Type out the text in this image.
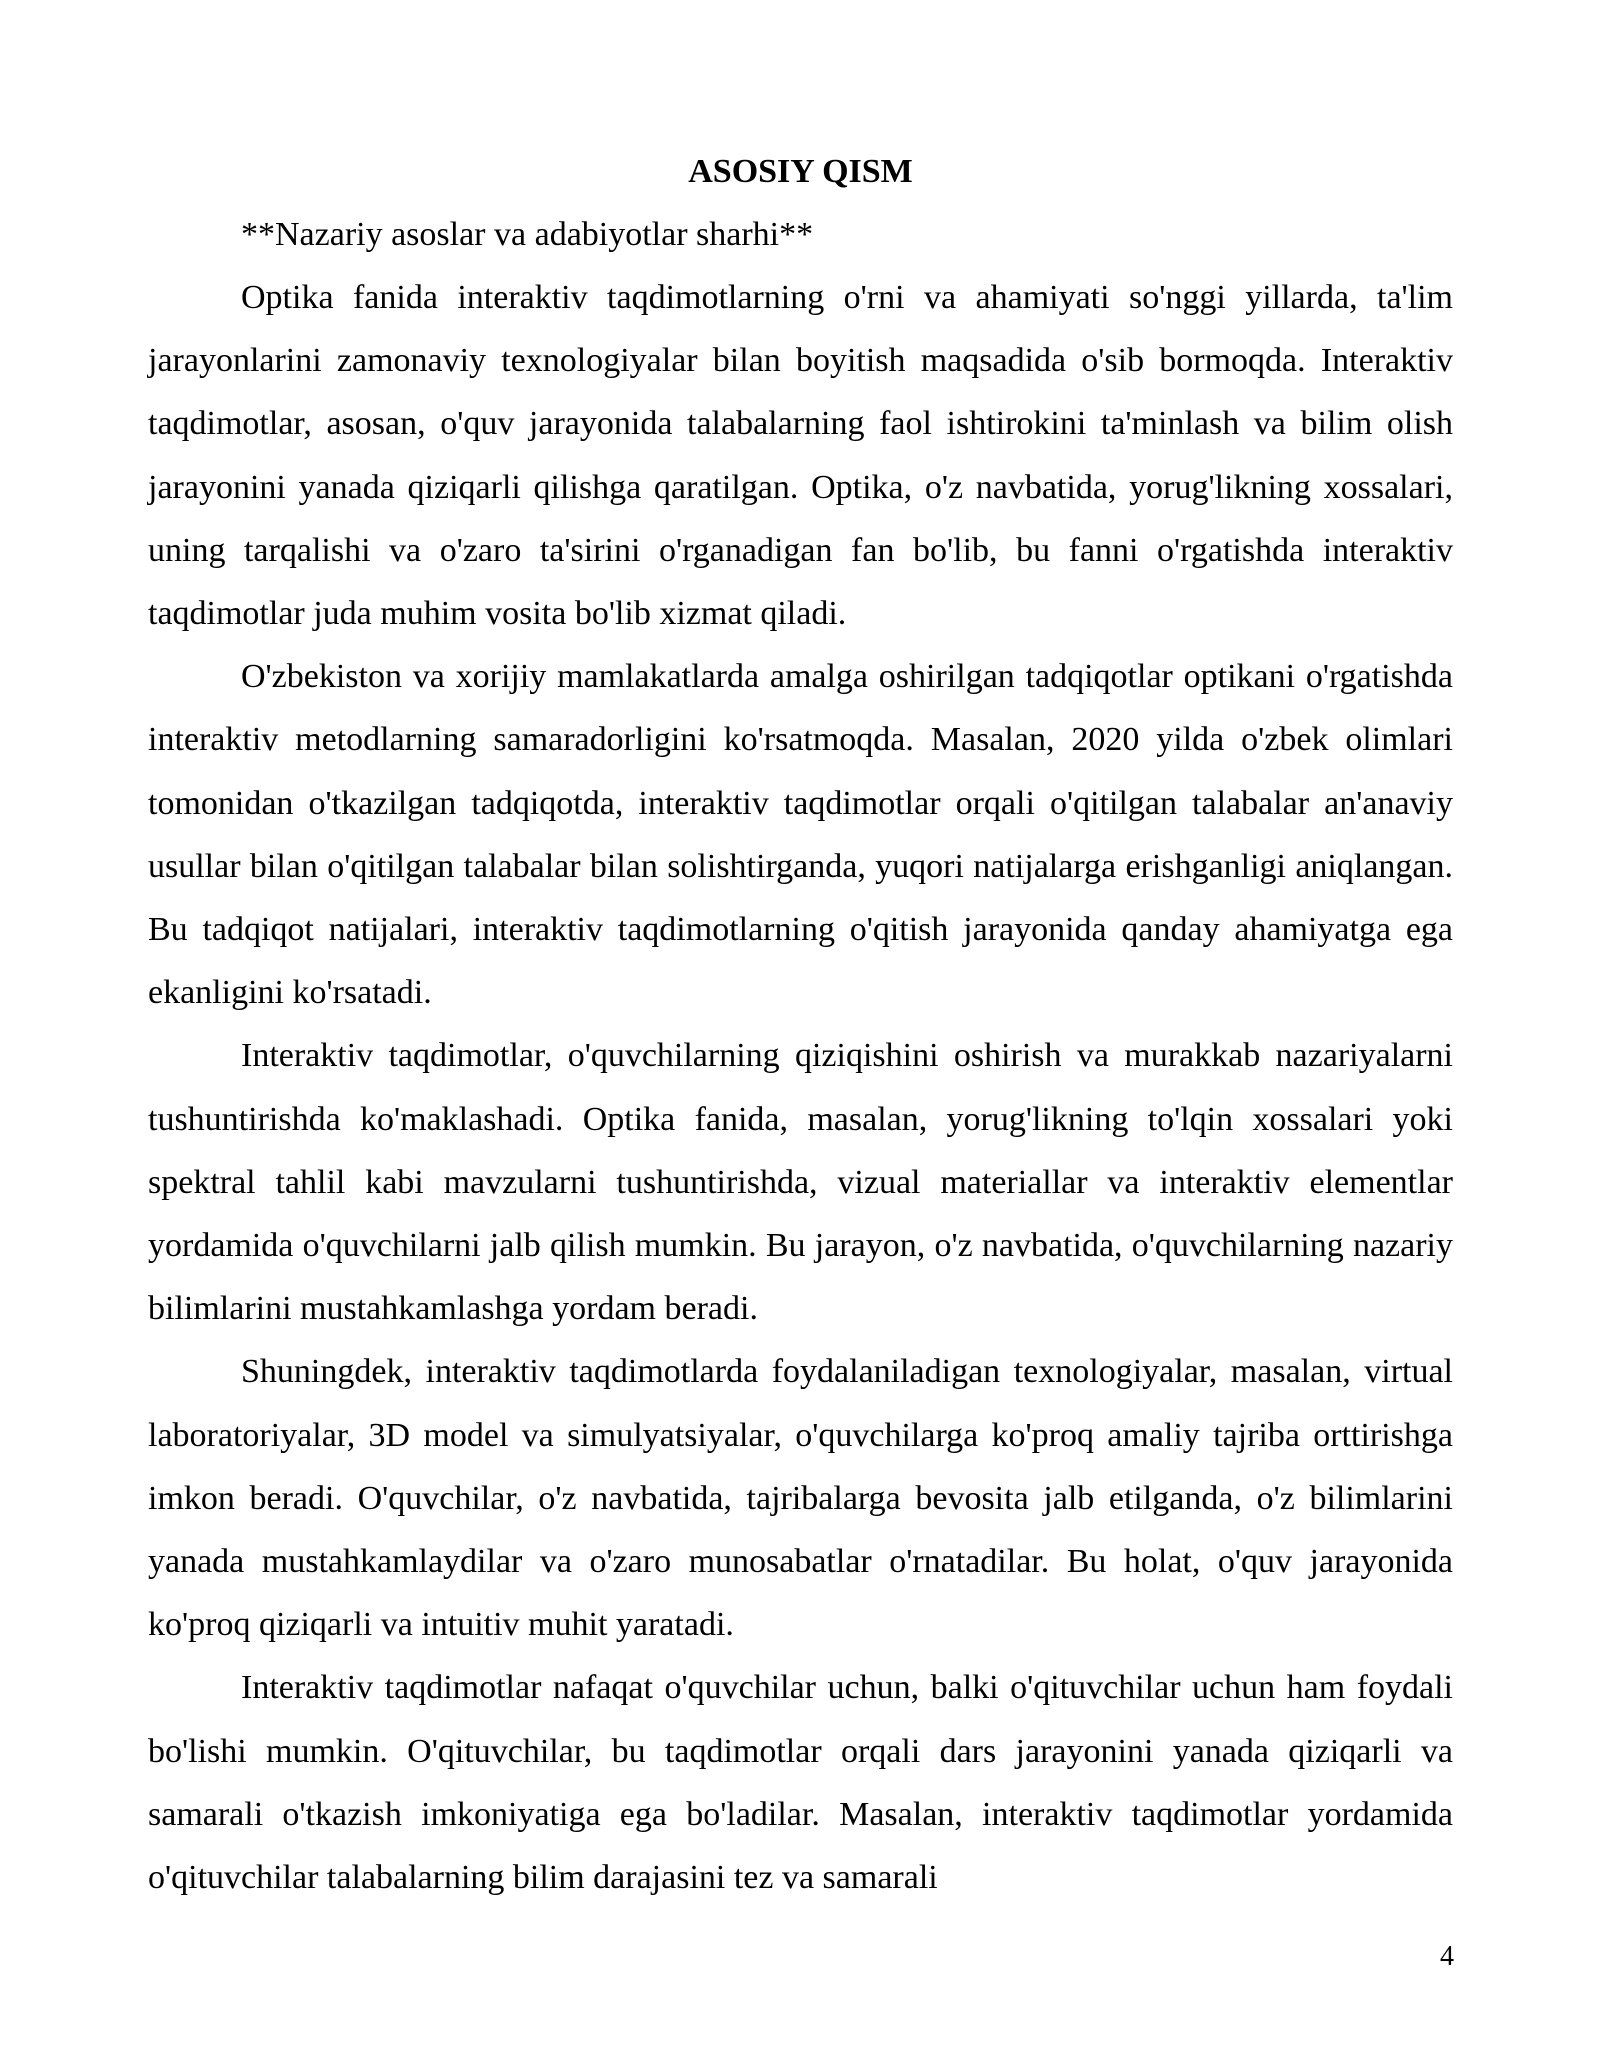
ASOSIY QISM

**Nazariy asoslar va adabiyotlar sharhi**

Optika fanida interaktiv taqdimotlarning o'rni va ahamiyati so'nggi yillarda, ta'lim jarayonlarini zamonaviy texnologiyalar bilan boyitish maqsadida o'sib bormoqda. Interaktiv taqdimotlar, asosan, o'quv jarayonida talabalarning faol ishtirokini ta'minlash va bilim olish jarayonini yanada qiziqarli qilishga qaratilgan. Optika, o'z navbatida, yorug'likning xossalari, uning tarqalishi va o'zaro ta'sirini o'rganadigan fan bo'lib, bu fanni o'rgatishda interaktiv taqdimotlar juda muhim vosita bo'lib xizmat qiladi.

O'zbekiston va xorijiy mamlakatlarda amalga oshirilgan tadqiqotlar optikani o'rgatishda interaktiv metodlarning samaradorligini ko'rsatmoqda. Masalan, 2020 yilda o'zbek olimlari tomonidan o'tkazilgan tadqiqotda, interaktiv taqdimotlar orqali o'qitilgan talabalar an'anaviy usullar bilan o'qitilgan talabalar bilan solishtirganda, yuqori natijalarga erishganligi aniqlangan. Bu tadqiqot natijalari, interaktiv taqdimotlarning o'qitish jarayonida qanday ahamiyatga ega ekanligini ko'rsatadi.

Interaktiv taqdimotlar, o'quvchilarning qiziqishini oshirish va murakkab nazariyalarni tushuntirishda ko'maklashadi. Optika fanida, masalan, yorug'likning to'lqin xossalari yoki spektral tahlil kabi mavzularni tushuntirishda, vizual materiallar va interaktiv elementlar yordamida o'quvchilarni jalb qilish mumkin. Bu jarayon, o'z navbatida, o'quvchilarning nazariy bilimlarini mustahkamlashga yordam beradi.

Shuningdek, interaktiv taqdimotlarda foydalaniladigan texnologiyalar, masalan, virtual laboratoriyalar, 3D model va simulyatsiyalar, o'quvchilarga ko'proq amaliy tajriba orttirishga imkon beradi. O'quvchilar, o'z navbatida, tajribalarga bevosita jalb etilganda, o'z bilimlarini yanada mustahkamlaydilar va o'zaro munosabatlar o'rnatadilar. Bu holat, o'quv jarayonida ko'proq qiziqarli va intuitiv muhit yaratadi.

Interaktiv taqdimotlar nafaqat o'quvchilar uchun, balki o'qituvchilar uchun ham foydali bo'lishi mumkin. O'qituvchilar, bu taqdimotlar orqali dars jarayonini yanada qiziqarli va samarali o'tkazish imkoniyatiga ega bo'ladilar. Masalan, interaktiv taqdimotlar yordamida o'qituvchilar talabalarning bilim darajasini tez va samarali

4
